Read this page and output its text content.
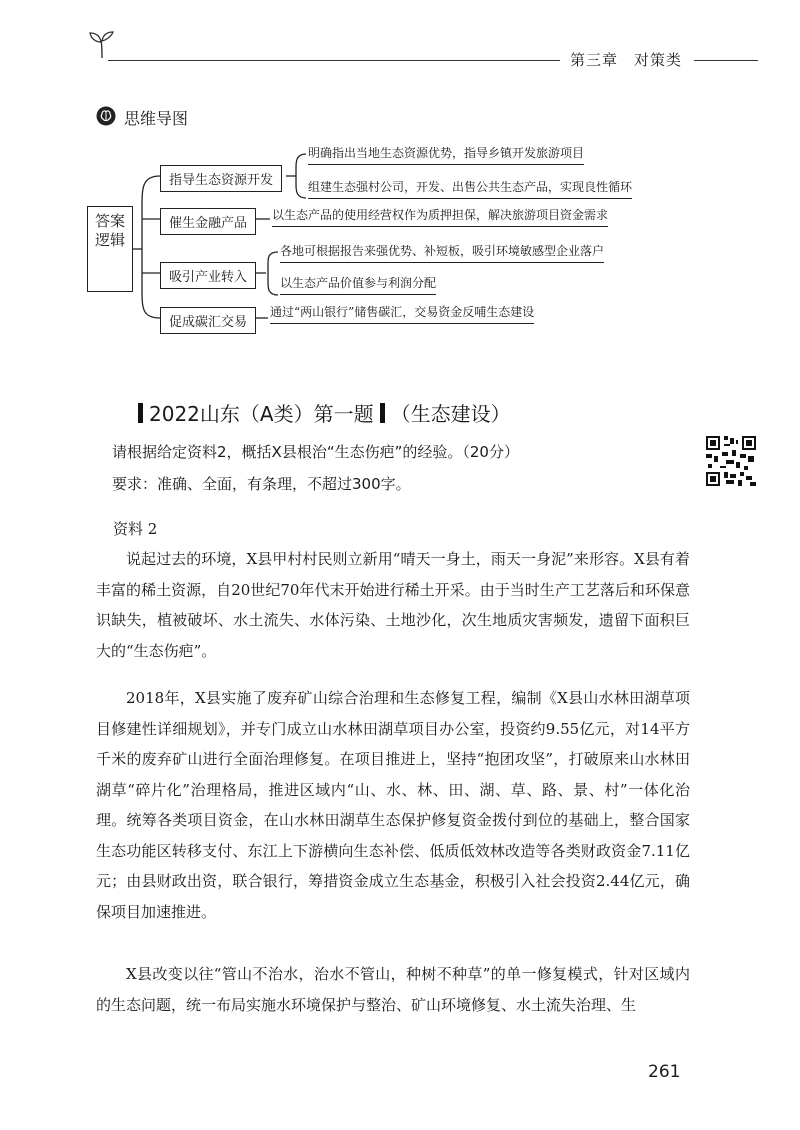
第三章　对策类
思维导图
答案逻辑
指导生态资源开发
催生金融产品
吸引产业转入
促成碳汇交易
明确指出当地生态资源优势，指导乡镇开发旅游项目
组建生态强村公司，开发、出售公共生态产品，实现良性循环
以生态产品的使用经营权作为质押担保，解决旅游项目资金需求
各地可根据报告来强优势、补短板，吸引环境敏感型企业落户
以生态产品价值参与利润分配
通过“两山银行”储售碳汇，交易资金反哺生态建设
2022山东（A类）第一题 （生态建设）
请根据给定资料2，概括X县根治“生态伤疤”的经验。（20分）
要求：准确、全面，有条理，不超过300字。
资料 2
说起过去的环境，X县甲村村民则立新用“晴天一身土，雨天一身泥”来形容。X县有着丰富的稀土资源，自20世纪70年代末开始进行稀土开采。由于当时生产工艺落后和环保意识缺失，植被破坏、水土流失、水体污染、土地沙化，次生地质灾害频发，遗留下面积巨大的“生态伤疤”。
2018年，X县实施了废弃矿山综合治理和生态修复工程，编制《X县山水林田湖草项目修建性详细规划》，并专门成立山水林田湖草项目办公室，投资约9.55亿元，对14平方千米的废弃矿山进行全面治理修复。在项目推进上，坚持“抱团攻坚”，打破原来山水林田湖草“碎片化”治理格局，推进区域内“山、水、林、田、湖、草、路、景、村”一体化治理。统筹各类项目资金，在山水林田湖草生态保护修复资金拨付到位的基础上，整合国家生态功能区转移支付、东江上下游横向生态补偿、低质低效林改造等各类财政资金7.11亿元；由县财政出资，联合银行，筹措资金成立生态基金，积极引入社会投资2.44亿元，确保项目加速推进。
X县改变以往“管山不治水，治水不管山，种树不种草”的单一修复模式，针对区域内的生态问题，统一布局实施水环境保护与整治、矿山环境修复、水土流失治理、生
261
